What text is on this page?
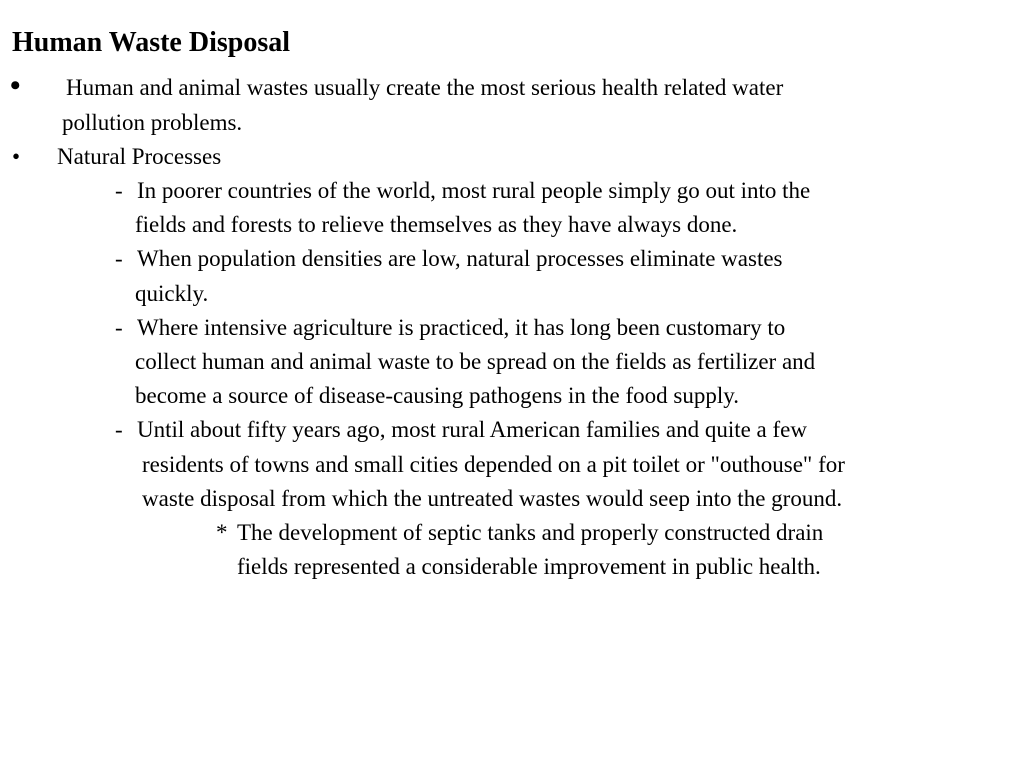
Human Waste Disposal
• Human and animal wastes usually create the most serious health related water
pollution problems.
• Natural Processes
- In poorer countries of the world, most rural people simply go out into the
fields and forests to relieve themselves as they have always done.
- When population densities are low, natural processes eliminate wastes
quickly.
- Where intensive agriculture is practiced, it has long been customary to
collect human and animal waste to be spread on the fields as fertilizer and
become a source of disease-causing pathogens in the food supply.
- Until about fifty years ago, most rural American families and quite a few
residents of towns and small cities depended on a pit toilet or "outhouse" for
waste disposal from which the untreated wastes would seep into the ground.
* The development of septic tanks and properly constructed drain
fields represented a considerable improvement in public health.
